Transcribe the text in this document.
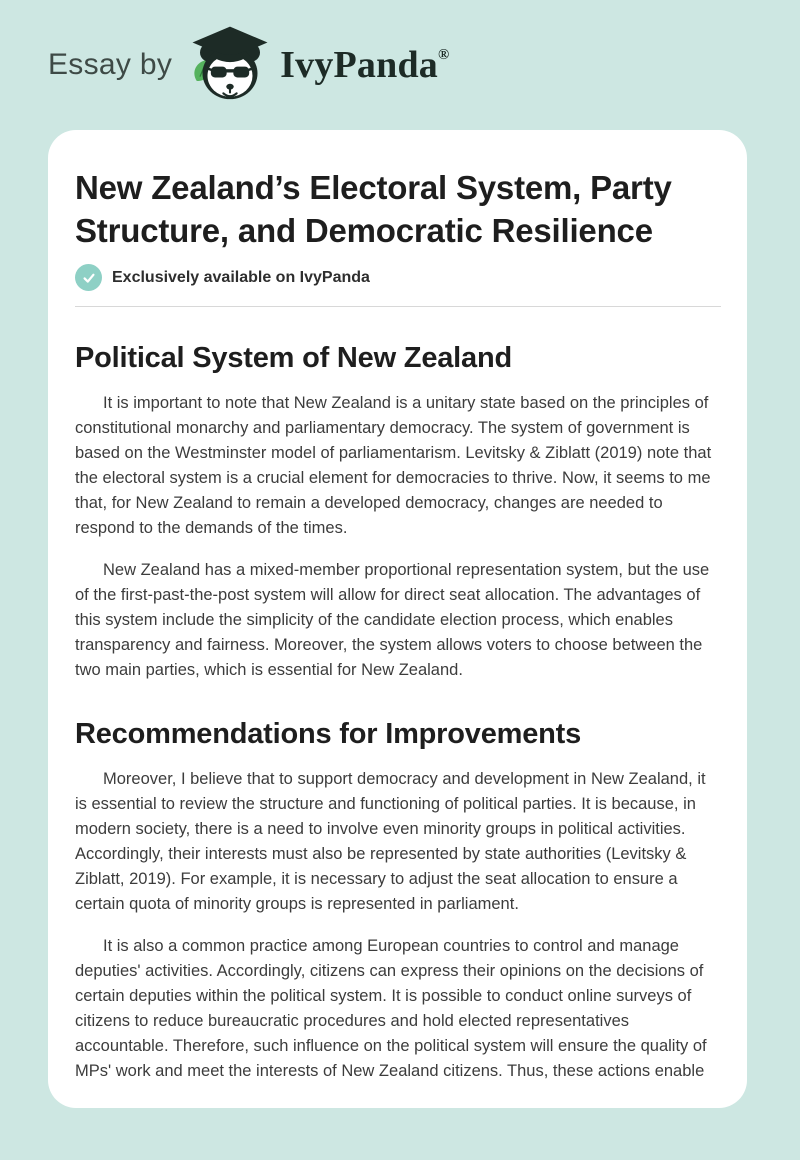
Essay by	IvyPanda®
New Zealand’s Electoral System, Party Structure, and Democratic Resilience
Exclusively available on IvyPanda
Political System of New Zealand

It is important to note that New Zealand is a unitary state based on the principles of constitutional monarchy and parliamentary democracy. The system of government is based on the Westminster model of parliamentarism. Levitsky & Ziblatt (2019) note that the electoral system is a crucial element for democracies to thrive. Now, it seems to me that, for New Zealand to remain a developed democracy, changes are needed to respond to the demands of the times.

New Zealand has a mixed-member proportional representation system, but the use of the first-past-the-post system will allow for direct seat allocation. The advantages of this system include the simplicity of the candidate election process, which enables transparency and fairness. Moreover, the system allows voters to choose between the two main parties, which is essential for New Zealand.

Recommendations for Improvements

Moreover, I believe that to support democracy and development in New Zealand, it is essential to review the structure and functioning of political parties. It is because, in modern society, there is a need to involve even minority groups in political activities. Accordingly, their interests must also be represented by state authorities (Levitsky & Ziblatt, 2019). For example, it is necessary to adjust the seat allocation to ensure a certain quota of minority groups is represented in parliament.

It is also a common practice among European countries to control and manage deputies' activities. Accordingly, citizens can express their opinions on the decisions of certain deputies within the political system. It is possible to conduct online surveys of citizens to reduce bureaucratic procedures and hold elected representatives accountable. Therefore, such influence on the political system will ensure the quality of MPs' work and meet the interests of New Zealand citizens. Thus, these actions enable
